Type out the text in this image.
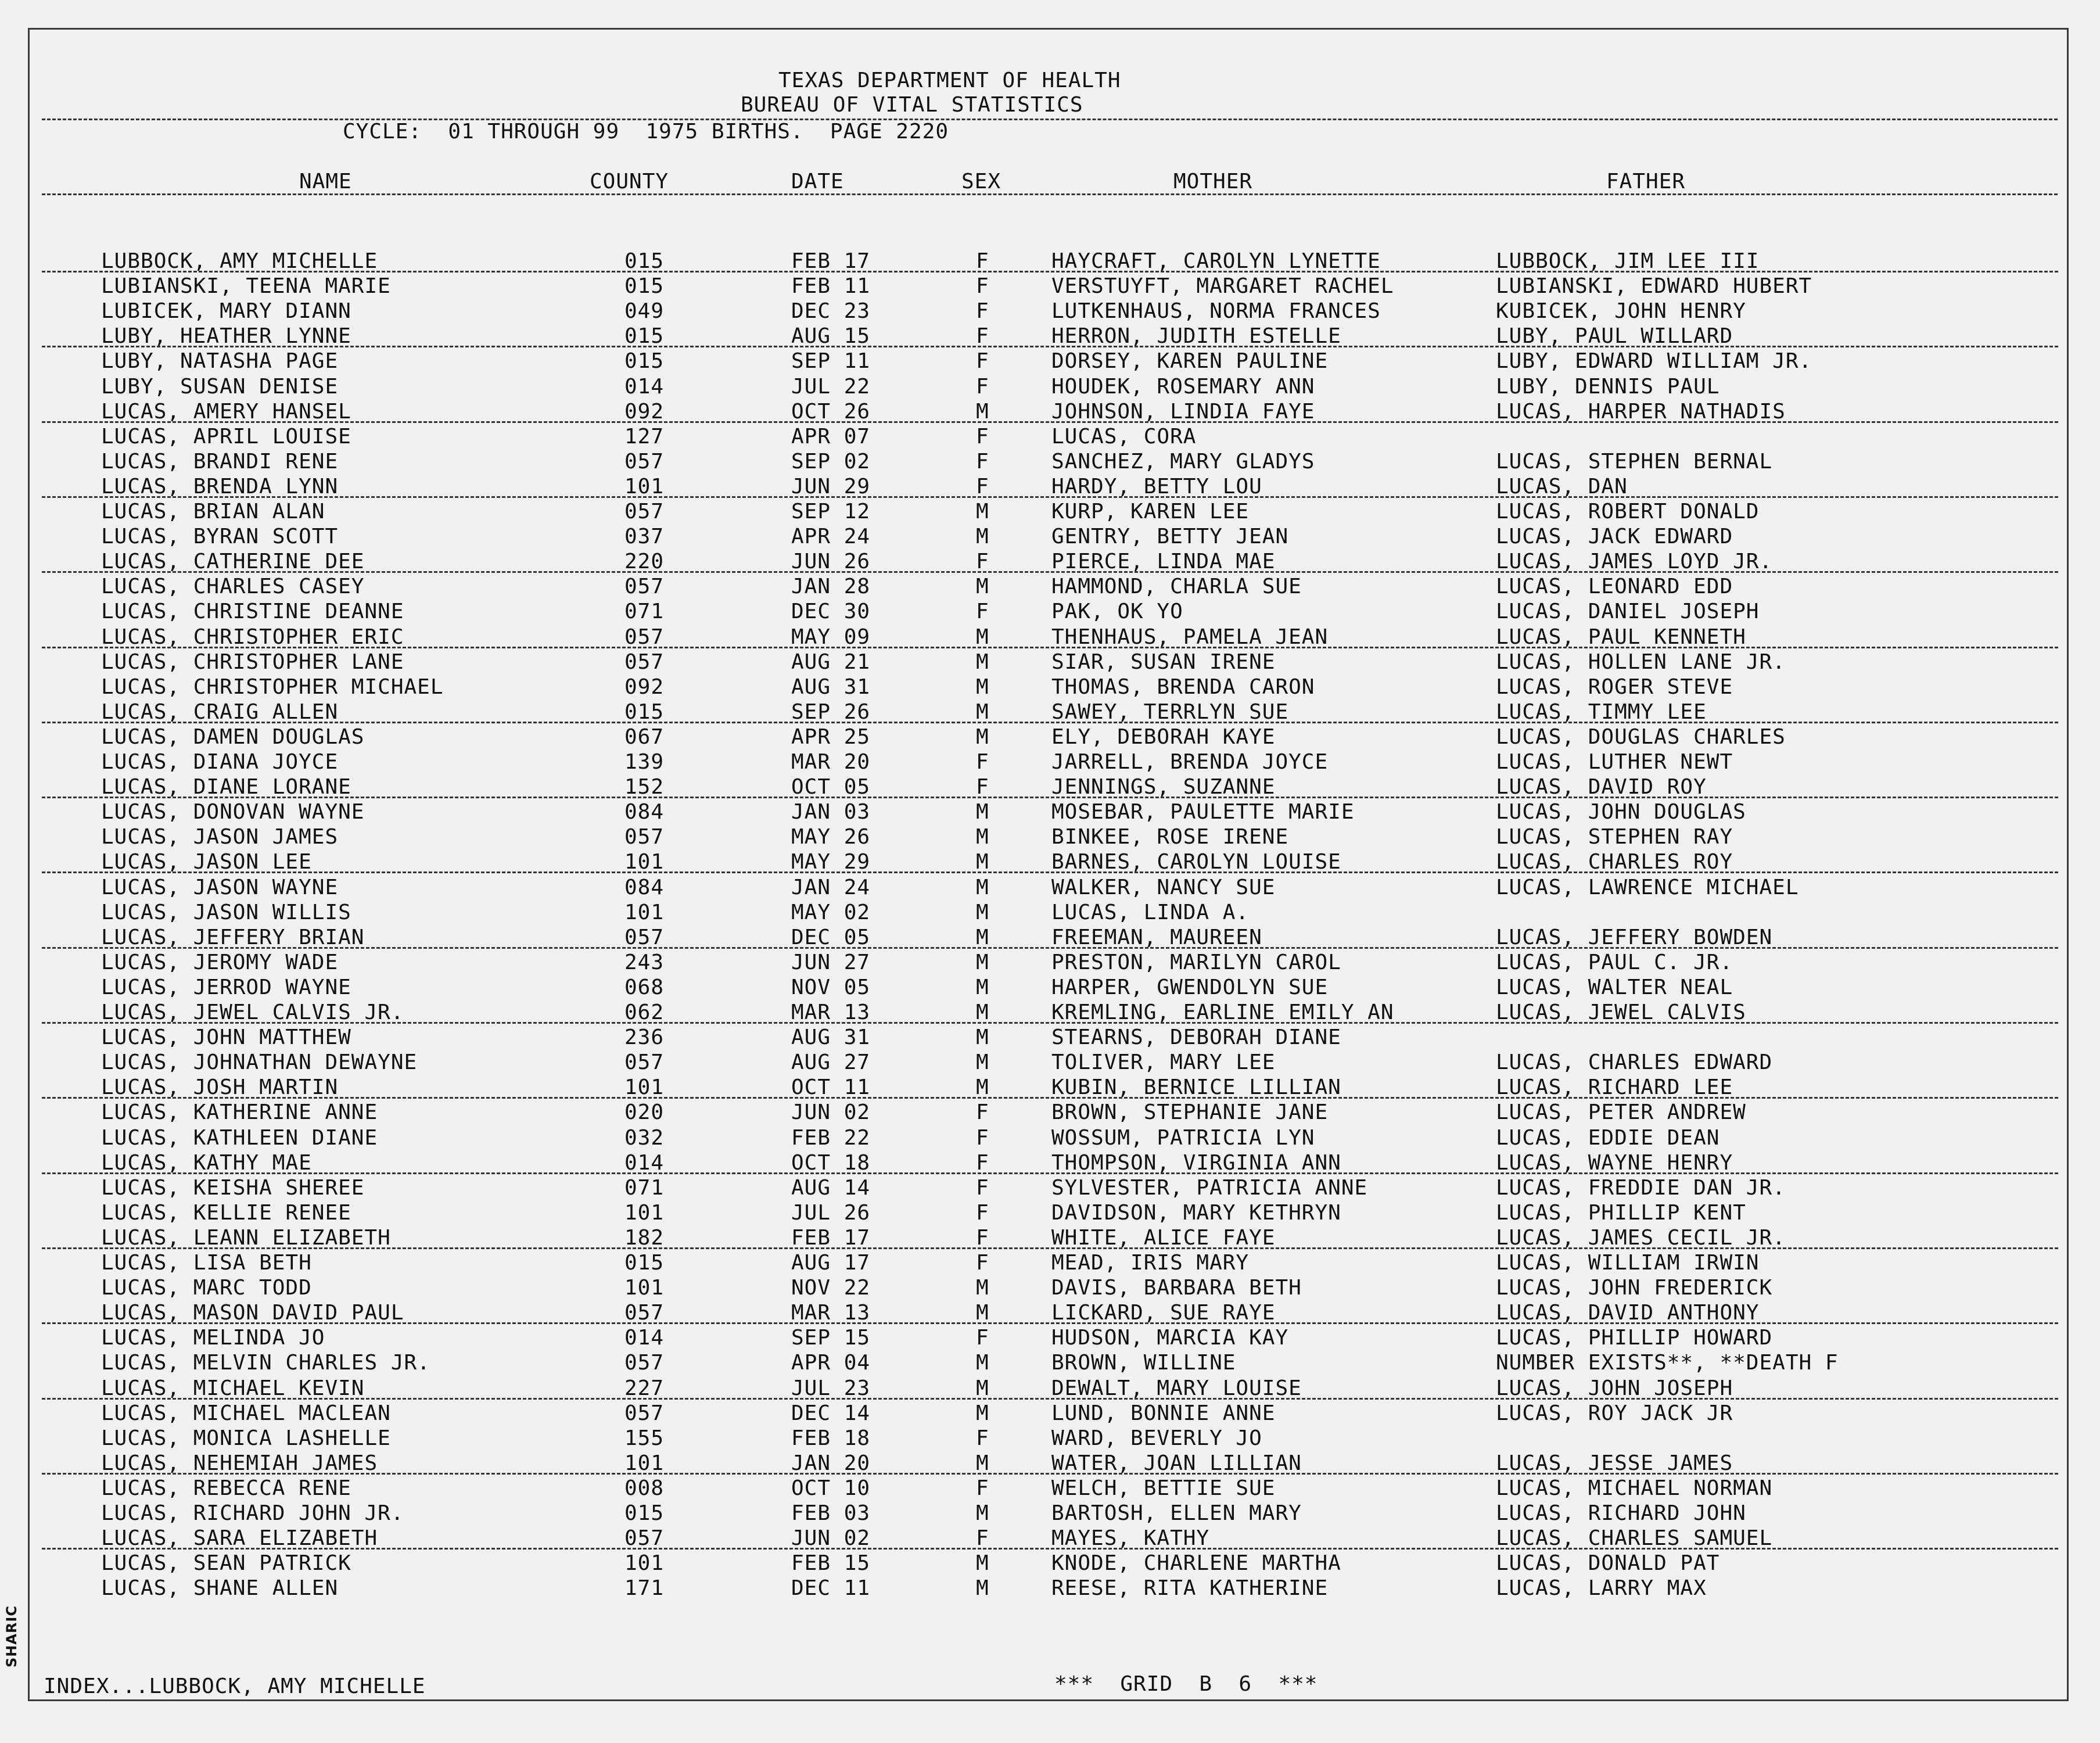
TEXAS DEPARTMENT OF HEALTH
BUREAU OF VITAL STATISTICS
CYCLE:  01 THROUGH 99  1975 BIRTHS.  PAGE 2220
NAME	COUNTY	DATE	SEX	MOTHER	FATHER
LUBBOCK, AMY MICHELLE	015	FEB 17	F	HAYCRAFT, CAROLYN LYNETTE	LUBBOCK, JIM LEE III
LUBIANSKI, TEENA MARIE	015	FEB 11	F	VERSTUYFT, MARGARET RACHEL	LUBIANSKI, EDWARD HUBERT
LUBICEK, MARY DIANN	049	DEC 23	F	LUTKENHAUS, NORMA FRANCES	KUBICEK, JOHN HENRY
LUBY, HEATHER LYNNE	015	AUG 15	F	HERRON, JUDITH ESTELLE	LUBY, PAUL WILLARD
LUBY, NATASHA PAGE	015	SEP 11	F	DORSEY, KAREN PAULINE	LUBY, EDWARD WILLIAM JR.
LUBY, SUSAN DENISE	014	JUL 22	F	HOUDEK, ROSEMARY ANN	LUBY, DENNIS PAUL
LUCAS, AMERY HANSEL	092	OCT 26	M	JOHNSON, LINDIA FAYE	LUCAS, HARPER NATHADIS
LUCAS, APRIL LOUISE	127	APR 07	F	LUCAS, CORA
LUCAS, BRANDI RENE	057	SEP 02	F	SANCHEZ, MARY GLADYS	LUCAS, STEPHEN BERNAL
LUCAS, BRENDA LYNN	101	JUN 29	F	HARDY, BETTY LOU	LUCAS, DAN
LUCAS, BRIAN ALAN	057	SEP 12	M	KURP, KAREN LEE	LUCAS, ROBERT DONALD
LUCAS, BYRAN SCOTT	037	APR 24	M	GENTRY, BETTY JEAN	LUCAS, JACK EDWARD
LUCAS, CATHERINE DEE	220	JUN 26	F	PIERCE, LINDA MAE	LUCAS, JAMES LOYD JR.
LUCAS, CHARLES CASEY	057	JAN 28	M	HAMMOND, CHARLA SUE	LUCAS, LEONARD EDD
LUCAS, CHRISTINE DEANNE	071	DEC 30	F	PAK, OK YO	LUCAS, DANIEL JOSEPH
LUCAS, CHRISTOPHER ERIC	057	MAY 09	M	THENHAUS, PAMELA JEAN	LUCAS, PAUL KENNETH
LUCAS, CHRISTOPHER LANE	057	AUG 21	M	SIAR, SUSAN IRENE	LUCAS, HOLLEN LANE JR.
LUCAS, CHRISTOPHER MICHAEL	092	AUG 31	M	THOMAS, BRENDA CARON	LUCAS, ROGER STEVE
LUCAS, CRAIG ALLEN	015	SEP 26	M	SAWEY, TERRLYN SUE	LUCAS, TIMMY LEE
LUCAS, DAMEN DOUGLAS	067	APR 25	M	ELY, DEBORAH KAYE	LUCAS, DOUGLAS CHARLES
LUCAS, DIANA JOYCE	139	MAR 20	F	JARRELL, BRENDA JOYCE	LUCAS, LUTHER NEWT
LUCAS, DIANE LORANE	152	OCT 05	F	JENNINGS, SUZANNE	LUCAS, DAVID ROY
LUCAS, DONOVAN WAYNE	084	JAN 03	M	MOSEBAR, PAULETTE MARIE	LUCAS, JOHN DOUGLAS
LUCAS, JASON JAMES	057	MAY 26	M	BINKEE, ROSE IRENE	LUCAS, STEPHEN RAY
LUCAS, JASON LEE	101	MAY 29	M	BARNES, CAROLYN LOUISE	LUCAS, CHARLES ROY
LUCAS, JASON WAYNE	084	JAN 24	M	WALKER, NANCY SUE	LUCAS, LAWRENCE MICHAEL
LUCAS, JASON WILLIS	101	MAY 02	M	LUCAS, LINDA A.
LUCAS, JEFFERY BRIAN	057	DEC 05	M	FREEMAN, MAUREEN	LUCAS, JEFFERY BOWDEN
LUCAS, JEROMY WADE	243	JUN 27	M	PRESTON, MARILYN CAROL	LUCAS, PAUL C. JR.
LUCAS, JERROD WAYNE	068	NOV 05	M	HARPER, GWENDOLYN SUE	LUCAS, WALTER NEAL
LUCAS, JEWEL CALVIS JR.	062	MAR 13	M	KREMLING, EARLINE EMILY AN	LUCAS, JEWEL CALVIS
LUCAS, JOHN MATTHEW	236	AUG 31	M	STEARNS, DEBORAH DIANE
LUCAS, JOHNATHAN DEWAYNE	057	AUG 27	M	TOLIVER, MARY LEE	LUCAS, CHARLES EDWARD
LUCAS, JOSH MARTIN	101	OCT 11	M	KUBIN, BERNICE LILLIAN	LUCAS, RICHARD LEE
LUCAS, KATHERINE ANNE	020	JUN 02	F	BROWN, STEPHANIE JANE	LUCAS, PETER ANDREW
LUCAS, KATHLEEN DIANE	032	FEB 22	F	WOSSUM, PATRICIA LYN	LUCAS, EDDIE DEAN
LUCAS, KATHY MAE	014	OCT 18	F	THOMPSON, VIRGINIA ANN	LUCAS, WAYNE HENRY
LUCAS, KEISHA SHEREE	071	AUG 14	F	SYLVESTER, PATRICIA ANNE	LUCAS, FREDDIE DAN JR.
LUCAS, KELLIE RENEE	101	JUL 26	F	DAVIDSON, MARY KETHRYN	LUCAS, PHILLIP KENT
LUCAS, LEANN ELIZABETH	182	FEB 17	F	WHITE, ALICE FAYE	LUCAS, JAMES CECIL JR.
LUCAS, LISA BETH	015	AUG 17	F	MEAD, IRIS MARY	LUCAS, WILLIAM IRWIN
LUCAS, MARC TODD	101	NOV 22	M	DAVIS, BARBARA BETH	LUCAS, JOHN FREDERICK
LUCAS, MASON DAVID PAUL	057	MAR 13	M	LICKARD, SUE RAYE	LUCAS, DAVID ANTHONY
LUCAS, MELINDA JO	014	SEP 15	F	HUDSON, MARCIA KAY	LUCAS, PHILLIP HOWARD
LUCAS, MELVIN CHARLES JR.	057	APR 04	M	BROWN, WILLINE	NUMBER EXISTS**, **DEATH F
LUCAS, MICHAEL KEVIN	227	JUL 23	M	DEWALT, MARY LOUISE	LUCAS, JOHN JOSEPH
LUCAS, MICHAEL MACLEAN	057	DEC 14	M	LUND, BONNIE ANNE	LUCAS, ROY JACK JR
LUCAS, MONICA LASHELLE	155	FEB 18	F	WARD, BEVERLY JO
LUCAS, NEHEMIAH JAMES	101	JAN 20	M	WATER, JOAN LILLIAN	LUCAS, JESSE JAMES
LUCAS, REBECCA RENE	008	OCT 10	F	WELCH, BETTIE SUE	LUCAS, MICHAEL NORMAN
LUCAS, RICHARD JOHN JR.	015	FEB 03	M	BARTOSH, ELLEN MARY	LUCAS, RICHARD JOHN
LUCAS, SARA ELIZABETH	057	JUN 02	F	MAYES, KATHY	LUCAS, CHARLES SAMUEL
LUCAS, SEAN PATRICK	101	FEB 15	M	KNODE, CHARLENE MARTHA	LUCAS, DONALD PAT
LUCAS, SHANE ALLEN	171	DEC 11	M	REESE, RITA KATHERINE	LUCAS, LARRY MAX
INDEX...LUBBOCK, AMY MICHELLE	***  GRID  B  6  ***
SHARIC
